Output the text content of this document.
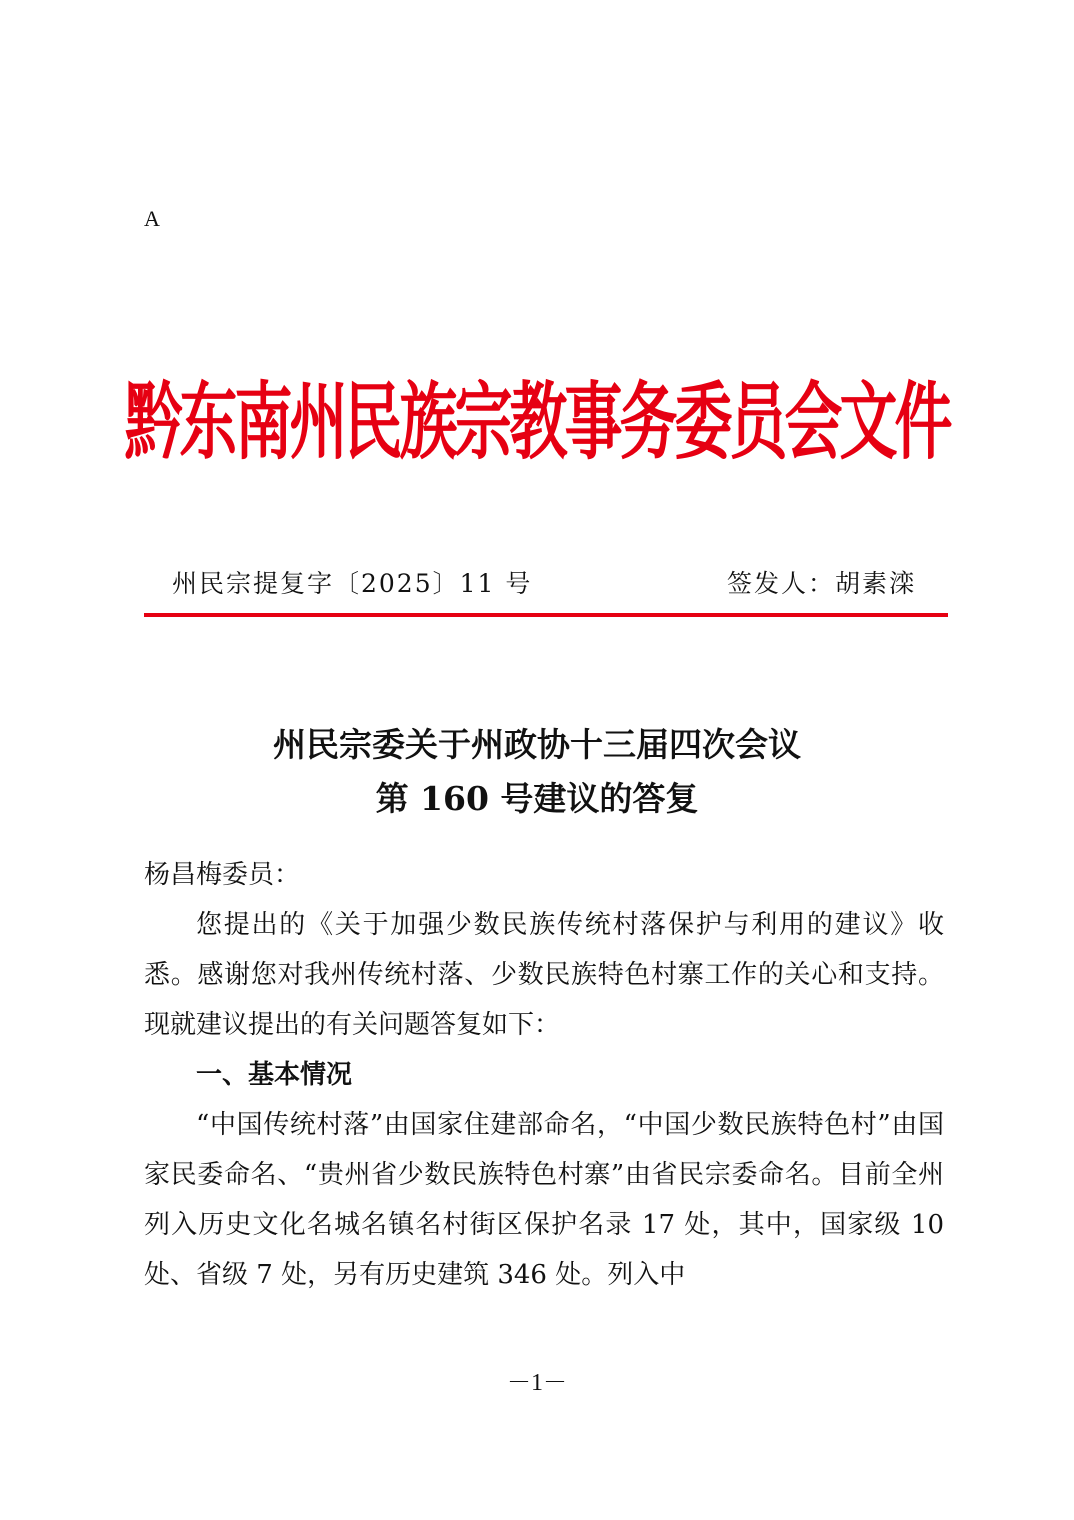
A
黔东南州民族宗教事务委员会文件
州民宗提复字〔2025〕11 号	签发人：胡素滦
州民宗委关于州政协十三届四次会议
第 160 号建议的答复

杨昌梅委员：

您提出的《关于加强少数民族传统村落保护与利用的建议》收悉。感谢您对我州传统村落、少数民族特色村寨工作的关心和支持。现就建议提出的有关问题答复如下：

一、基本情况

“中国传统村落”由国家住建部命名，“中国少数民族特色村”由国家民委命名、“贵州省少数民族特色村寨”由省民宗委命名。目前全州列入历史文化名城名镇名村街区保护名录 17 处，其中，国家级 10 处、省级 7 处，另有历史建筑 346 处。列入中

－1－
